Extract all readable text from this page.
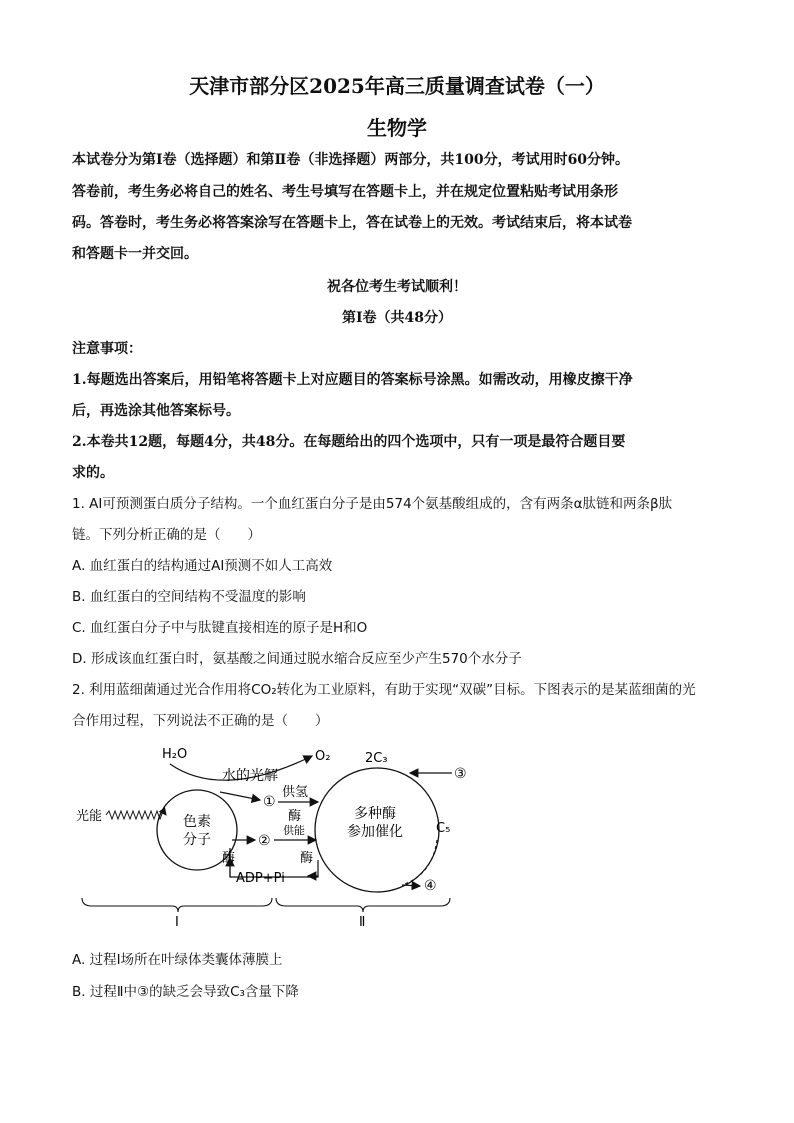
天津市部分区2025年高三质量调查试卷（一）
生物学
本试卷分为第Ⅰ卷（选择题）和第Ⅱ卷（非选择题）两部分，共100分，考试用时60分钟。
答卷前，考生务必将自己的姓名、考生号填写在答题卡上，并在规定位置粘贴考试用条形
码。答卷时，考生务必将答案涂写在答题卡上，答在试卷上的无效。考试结束后，将本试卷
和答题卡一并交回。
祝各位考生考试顺利！
第Ⅰ卷（共48分）
注意事项：
1.每题选出答案后，用铅笔将答题卡上对应题目的答案标号涂黑。如需改动，用橡皮擦干净
后，再选涂其他答案标号。
2.本卷共12题，每题4分，共48分。在每题给出的四个选项中，只有一项是最符合题目要
求的。
1. AI可预测蛋白质分子结构。一个血红蛋白分子是由574个氨基酸组成的，含有两条α肽链和两条β肽
链。下列分析正确的是（　　）
A. 血红蛋白的结构通过AI预测不如人工高效
B. 血红蛋白的空间结构不受温度的影响
C. 血红蛋白分子中与肽键直接相连的原子是H和O
D. 形成该血红蛋白时，氨基酸之间通过脱水缩合反应至少产生570个水分子
2. 利用蓝细菌通过光合作用将CO₂转化为工业原料，有助于实现“双碳”目标。下图表示的是某蓝细菌的光
合作用过程，下列说法不正确的是（　　）
色素
分子
多种酶
参加催化
光能
H₂O	O₂
水的光解
①
供氢
酶
②
供能
ADP+Pi
酶	酶
2C₃
③
C₅
④
Ⅰ	Ⅱ
A. 过程Ⅰ场所在叶绿体类囊体薄膜上
B. 过程Ⅱ中③的缺乏会导致C₃含量下降
